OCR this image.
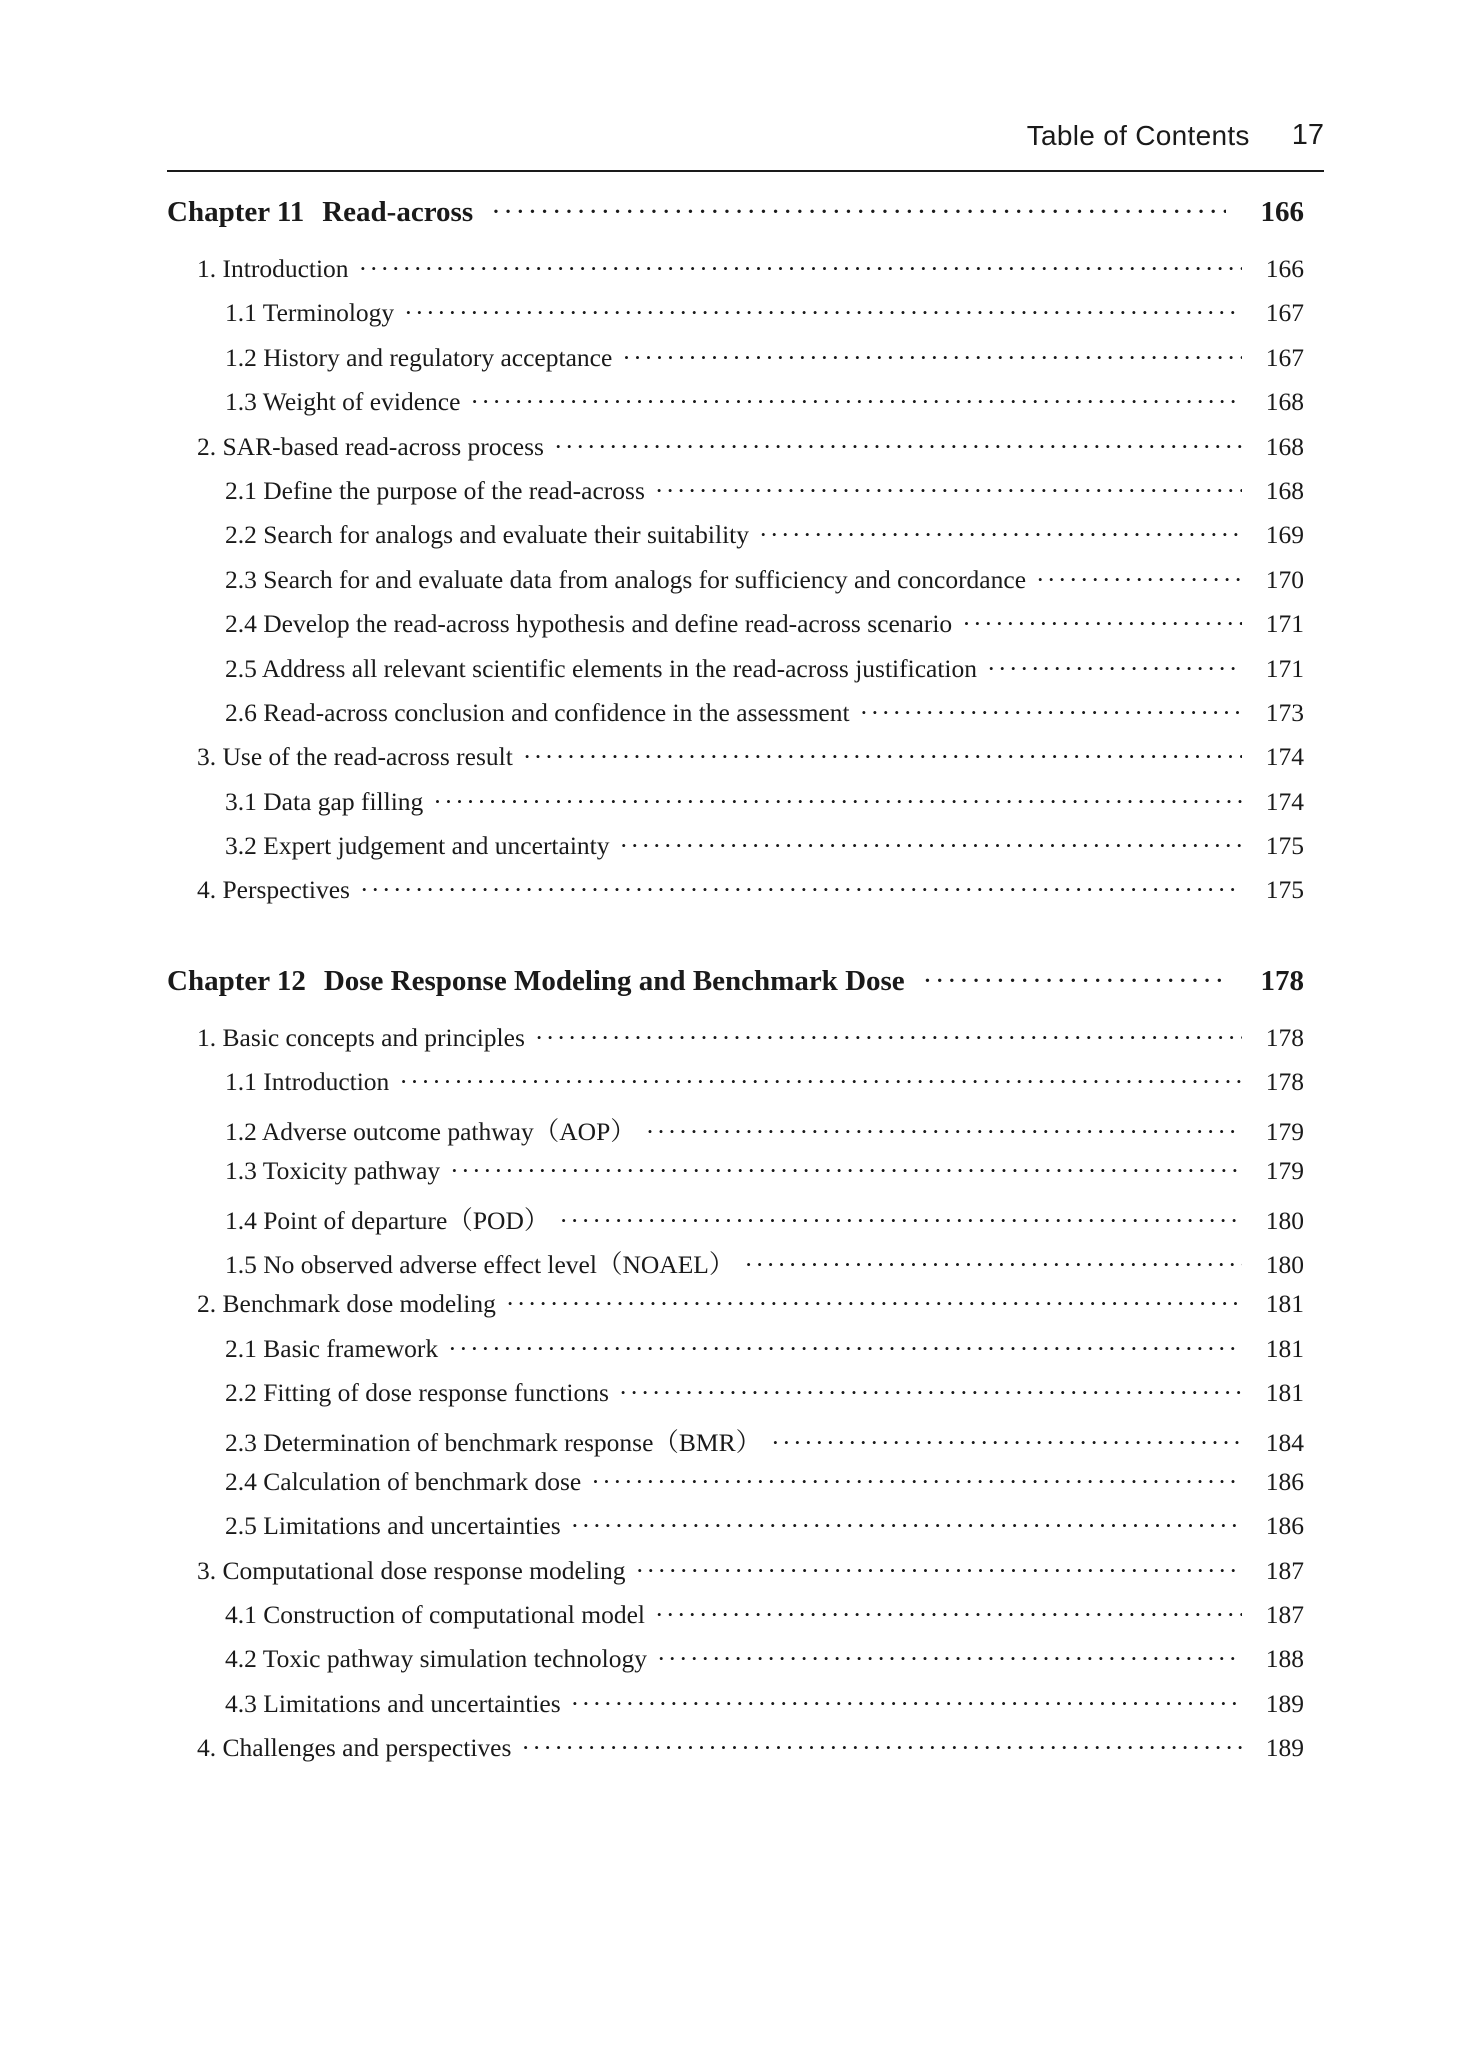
Table of Contents 17
Chapter 11 Read-across ·····	166
1. Introduction ·····	166
1.1 Terminology ·····	167
1.2 History and regulatory acceptance ·····	167
1.3 Weight of evidence ·····	168
2. SAR-based read-across process ·····	168
2.1 Define the purpose of the read-across ·····	168
2.2 Search for analogs and evaluate their suitability ·····	169
2.3 Search for and evaluate data from analogs for sufficiency and concordance ·····	170
2.4 Develop the read-across hypothesis and define read-across scenario ·····	171
2.5 Address all relevant scientific elements in the read-across justification ·····	171
2.6 Read-across conclusion and confidence in the assessment ·····	173
3. Use of the read-across result ·····	174
3.1 Data gap filling ·····	174
3.2 Expert judgement and uncertainty ·····	175
4. Perspectives ·····	175
Chapter 12 Dose Response Modeling and Benchmark Dose ·····	178
1. Basic concepts and principles ·····	178
1.1 Introduction ·····	178
1.2 Adverse outcome pathway（AOP） ·····	179
1.3 Toxicity pathway ·····	179
1.4 Point of departure（POD） ·····	180
1.5 No observed adverse effect level（NOAEL） ·····	180
2. Benchmark dose modeling ·····	181
2.1 Basic framework ·····	181
2.2 Fitting of dose response functions ·····	181
2.3 Determination of benchmark response（BMR） ·····	184
2.4 Calculation of benchmark dose ·····	186
2.5 Limitations and uncertainties ·····	186
3. Computational dose response modeling ·····	187
4.1 Construction of computational model ·····	187
4.2 Toxic pathway simulation technology ·····	188
4.3 Limitations and uncertainties ·····	189
4. Challenges and perspectives ·····	189
